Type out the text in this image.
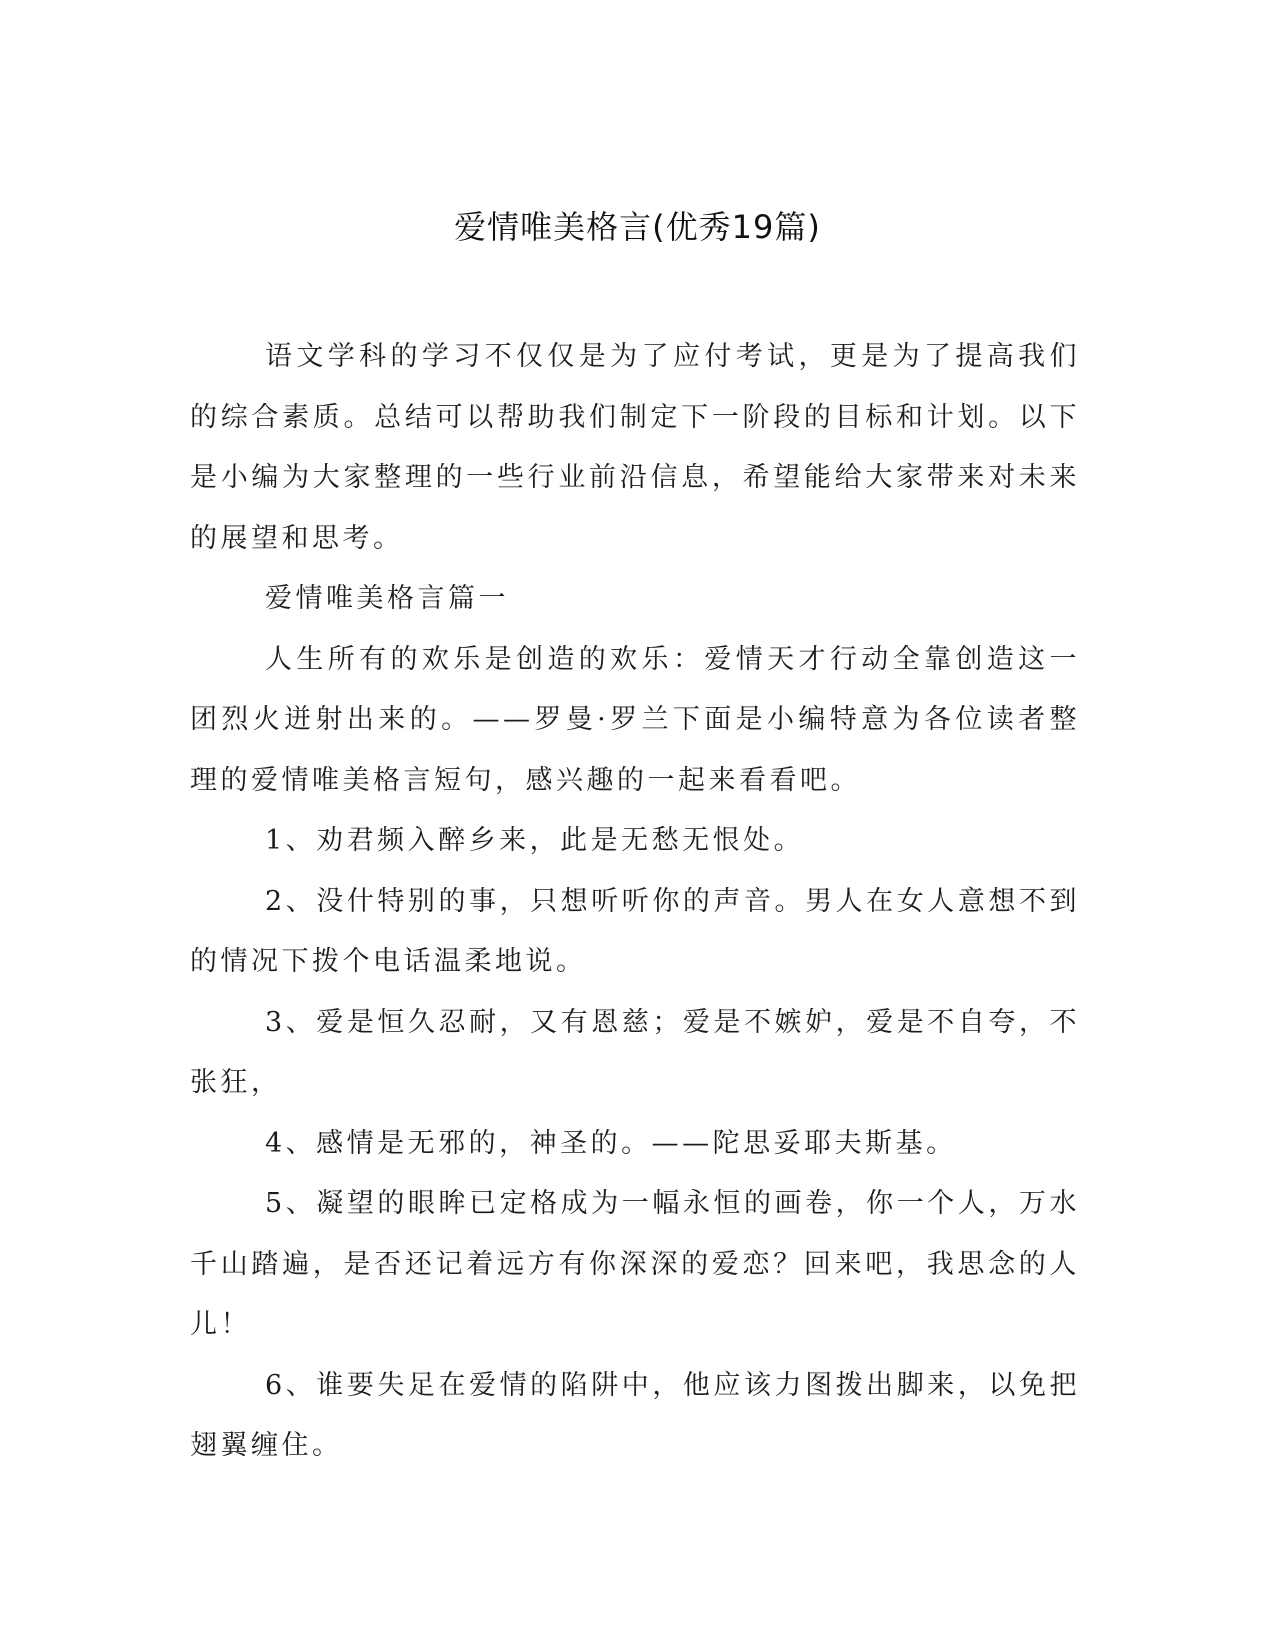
爱情唯美格言(优秀19篇)

语文学科的学习不仅仅是为了应付考试，更是为了提高我们的综合素质。总结可以帮助我们制定下一阶段的目标和计划。以下是小编为大家整理的一些行业前沿信息，希望能给大家带来对未来的展望和思考。

爱情唯美格言篇一

人生所有的欢乐是创造的欢乐：爱情天才行动全靠创造这一团烈火迸射出来的。——罗曼·罗兰下面是小编特意为各位读者整理的爱情唯美格言短句，感兴趣的一起来看看吧。

1、劝君频入醉乡来，此是无愁无恨处。

2、没什特别的事，只想听听你的声音。男人在女人意想不到的情况下拨个电话温柔地说。

3、爱是恒久忍耐，又有恩慈；爱是不嫉妒，爱是不自夸，不张狂，

4、感情是无邪的，神圣的。——陀思妥耶夫斯基。

5、凝望的眼眸已定格成为一幅永恒的画卷，你一个人，万水千山踏遍，是否还记着远方有你深深的爱恋？回来吧，我思念的人儿！

6、谁要失足在爱情的陷阱中，他应该力图拨出脚来，以免把翅翼缠住。
